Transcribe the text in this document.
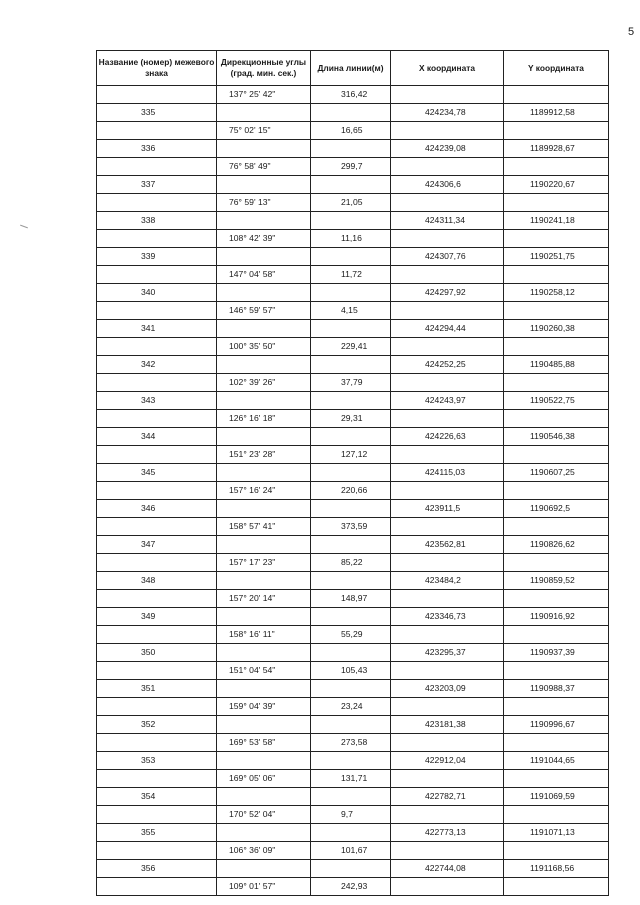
5
Название (номер) межевого знака	Дирекционные углы (град. мин. сек.)	Длина линии(м)	X координата	Y координата
	137° 25' 42"	316,42		
335			424234,78	1189912,58
	75° 02' 15"	16,65		
336			424239,08	1189928,67
	76° 58' 49"	299,7		
337			424306,6	1190220,67
	76° 59' 13"	21,05		
338			424311,34	1190241,18
	108° 42' 39"	11,16		
339			424307,76	1190251,75
	147° 04' 58"	11,72		
340			424297,92	1190258,12
	146° 59' 57"	4,15		
341			424294,44	1190260,38
	100° 35' 50"	229,41		
342			424252,25	1190485,88
	102° 39' 26"	37,79		
343			424243,97	1190522,75
	126° 16' 18"	29,31		
344			424226,63	1190546,38
	151° 23' 28"	127,12		
345			424115,03	1190607,25
	157° 16' 24"	220,66		
346			423911,5	1190692,5
	158° 57' 41"	373,59		
347			423562,81	1190826,62
	157° 17' 23"	85,22		
348			423484,2	1190859,52
	157° 20' 14"	148,97		
349			423346,73	1190916,92
	158° 16' 11"	55,29		
350			423295,37	1190937,39
	151° 04' 54"	105,43		
351			423203,09	1190988,37
	159° 04' 39"	23,24		
352			423181,38	1190996,67
	169° 53' 58"	273,58		
353			422912,04	1191044,65
	169° 05' 06"	131,71		
354			422782,71	1191069,59
	170° 52' 04"	9,7		
355			422773,13	1191071,13
	106° 36' 09"	101,67		
356			422744,08	1191168,56
	109° 01' 57"	242,93		
